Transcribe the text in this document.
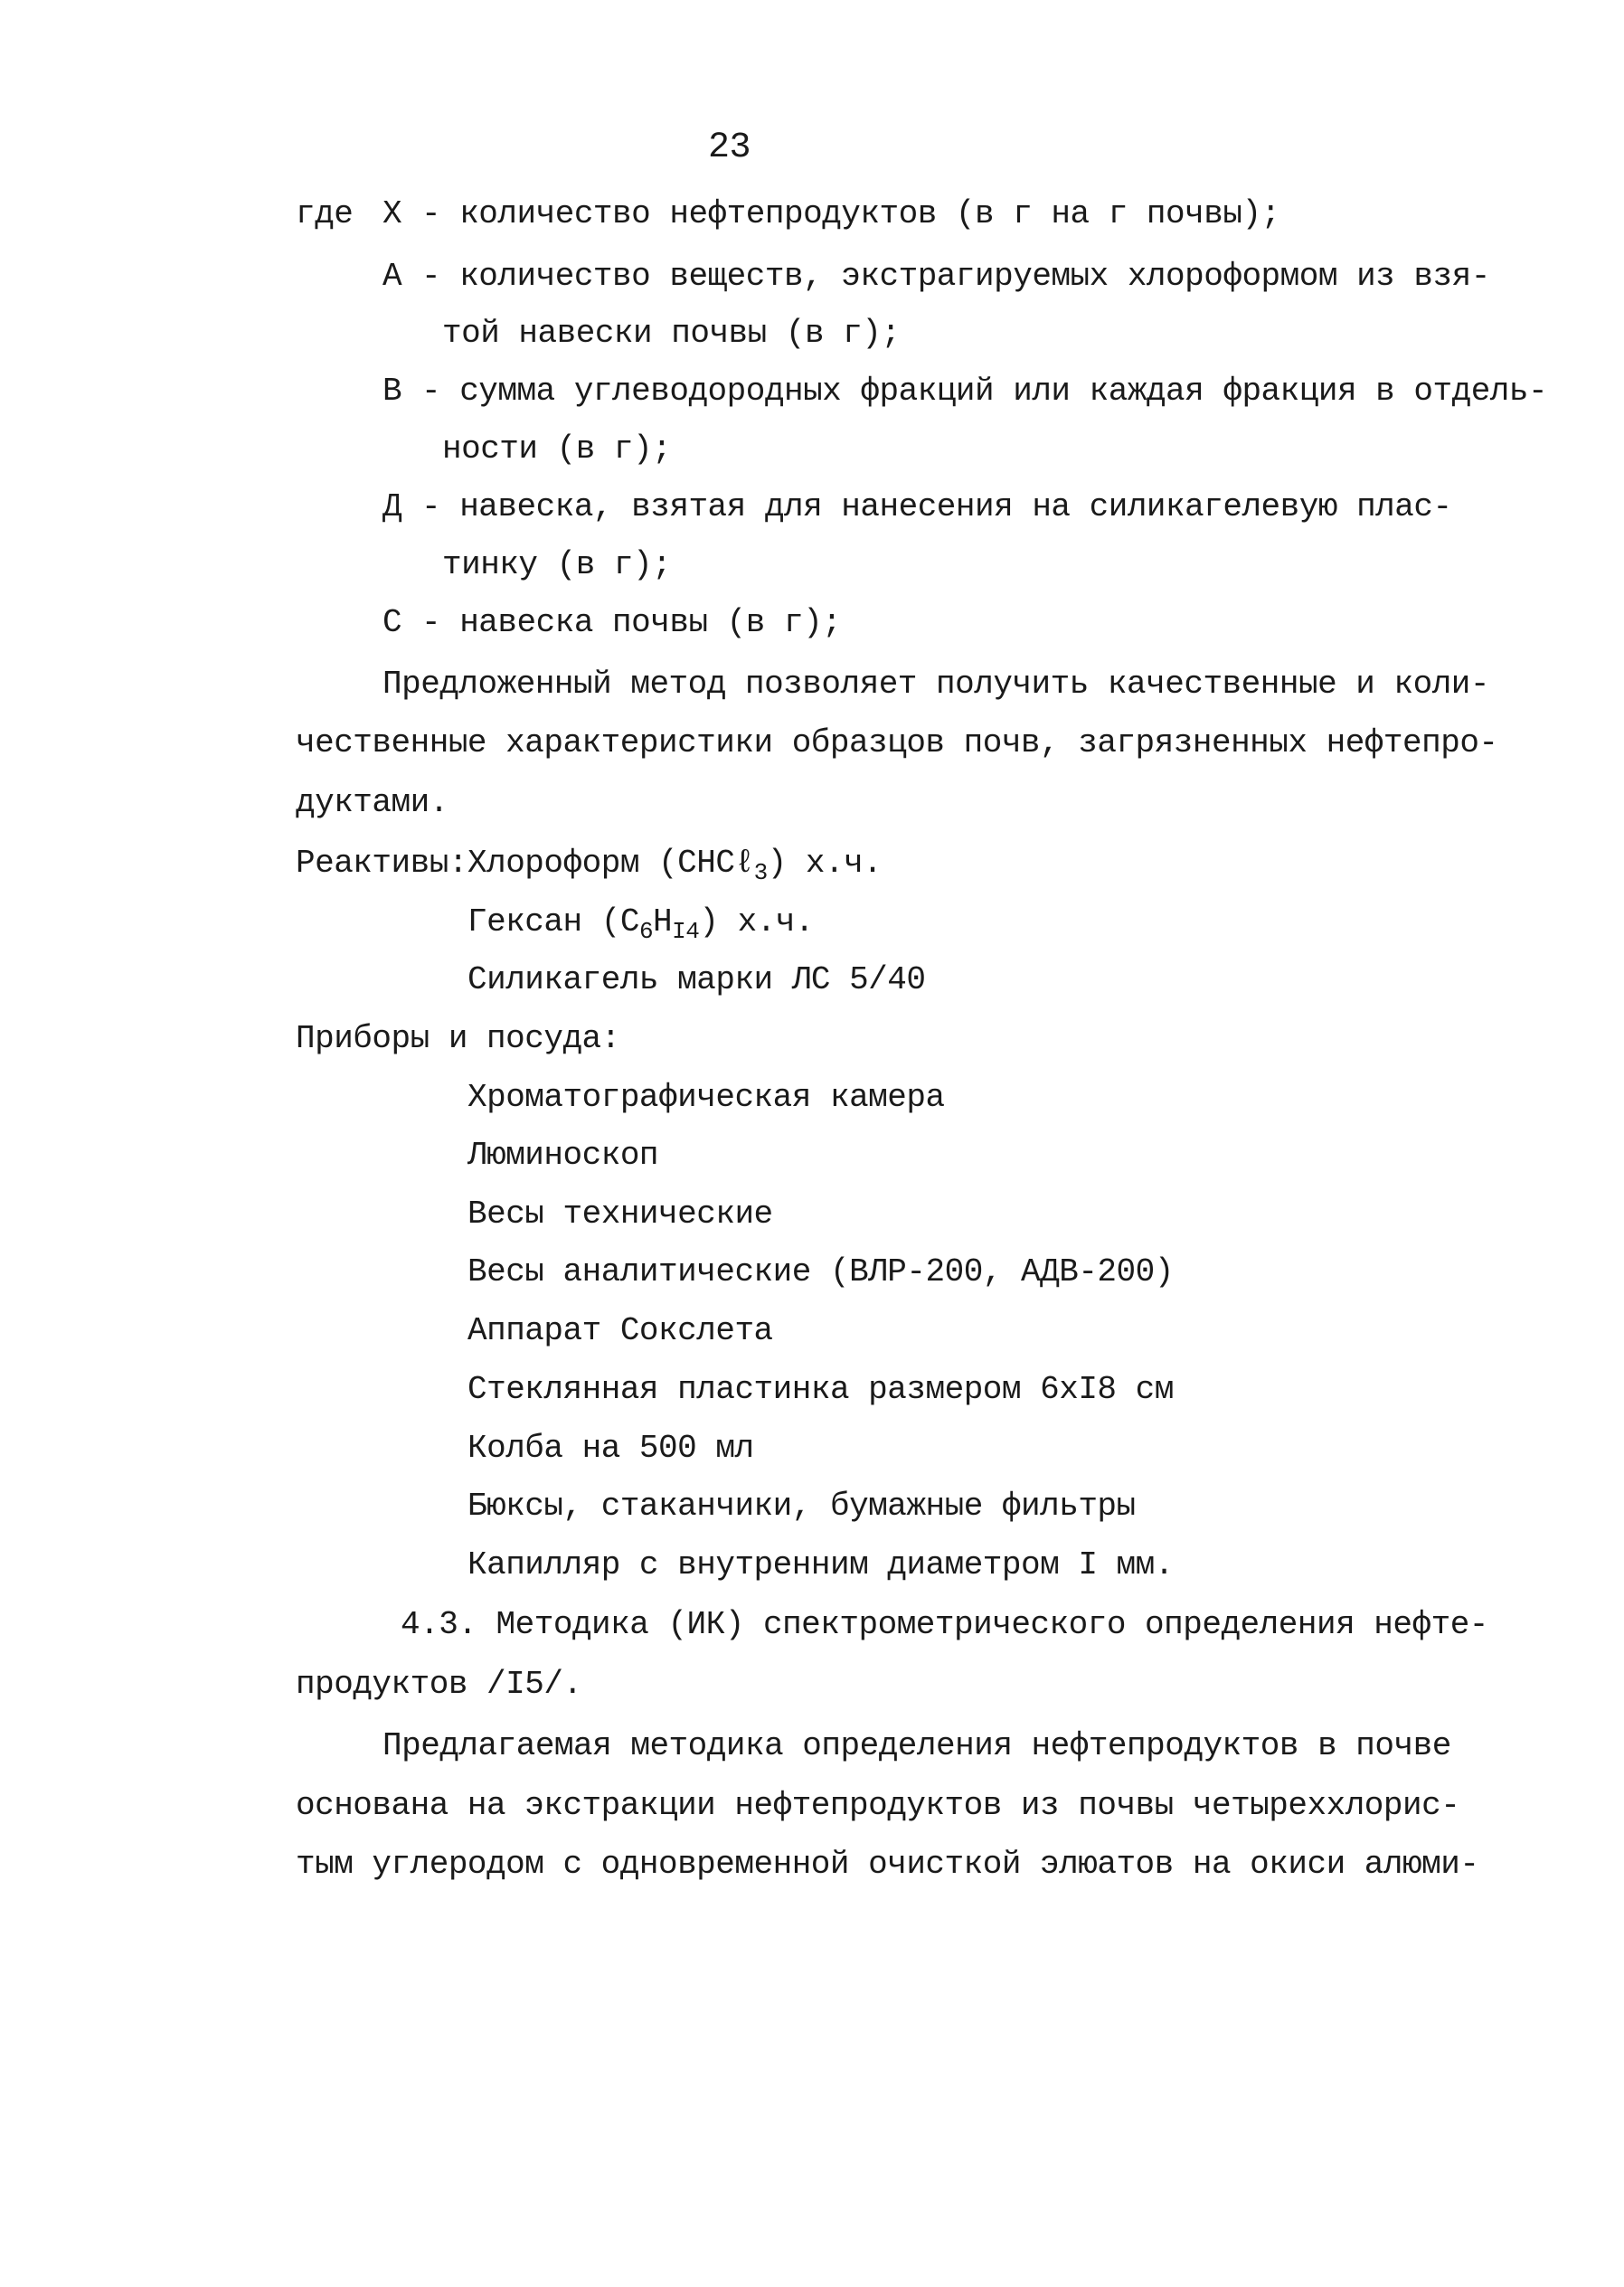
23
где Х - количество нефтепродуктов (в г на г почвы);
А - количество веществ, экстрагируемых хлороформом из взя-
той навески почвы (в г);
В - сумма углеводородных фракций или каждая фракция в отдель-
ности (в г);
Д - навеска, взятая для нанесения на силикагелевую плас-
тинку (в г);
С - навеска почвы (в г);
Предложенный метод позволяет получить качественные и коли-
чественные характеристики образцов почв, загрязненных нефтепро-
дуктами.
Реактивы: Хлороформ (СНСℓ$_3$) х.ч.
Гексан $(С_6Н_{I4})$ х.ч.
Силикагель марки ЛС 5/40
Приборы и посуда:
Хроматографическая камера
Люминоскоп
Весы технические
Весы аналитические (ВЛР-200, АДВ-200)
Аппарат Сокслета
Стеклянная пластинка размером 6хI8 см
Колба на 500 мл
Бюксы, стаканчики, бумажные фильтры
Капилляр с внутренним диаметром I мм.
4.3. Методика (ИК) спектрометрического определения нефте-
продуктов /I5/.
Предлагаемая методика определения нефтепродуктов в почве
основана на экстракции нефтепродуктов из почвы четыреххлорис-
тым углеродом с одновременной очисткой элюатов на окиси алюми-
